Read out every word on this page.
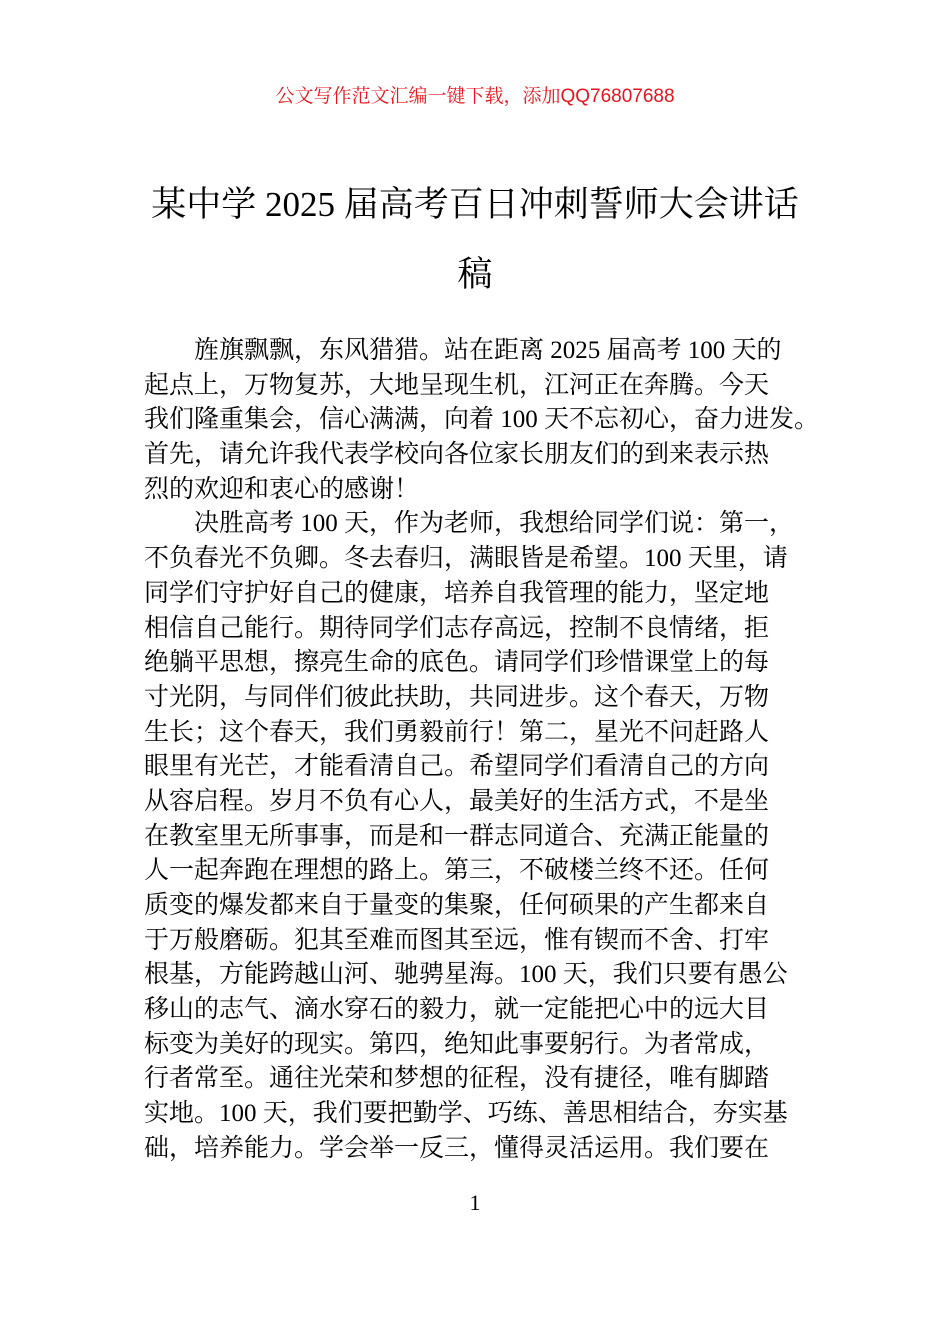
公文写作范文汇编一键下载，添加QQ76807688
某中学 2025 届高考百日冲刺誓师大会讲话
稿
旌旗飘飘，东风猎猎。站在距离 2025 届高考 100 天的
起点上，万物复苏，大地呈现生机，江河正在奔腾。今天
我们隆重集会，信心满满，向着 100 天不忘初心，奋力进发。
首先，请允许我代表学校向各位家长朋友们的到来表示热
烈的欢迎和衷心的感谢！
决胜高考 100 天，作为老师，我想给同学们说：第一，
不负春光不负卿。冬去春归，满眼皆是希望。100 天里，请
同学们守护好自己的健康，培养自我管理的能力，坚定地
相信自己能行。期待同学们志存高远，控制不良情绪，拒
绝躺平思想，擦亮生命的底色。请同学们珍惜课堂上的每
寸光阴，与同伴们彼此扶助，共同进步。这个春天，万物
生长；这个春天，我们勇毅前行！第二，星光不问赶路人
眼里有光芒，才能看清自己。希望同学们看清自己的方向
从容启程。岁月不负有心人，最美好的生活方式，不是坐
在教室里无所事事，而是和一群志同道合、充满正能量的
人一起奔跑在理想的路上。第三，不破楼兰终不还。任何
质变的爆发都来自于量变的集聚，任何硕果的产生都来自
于万般磨砺。犯其至难而图其至远，惟有锲而不舍、打牢
根基，方能跨越山河、驰骋星海。100 天，我们只要有愚公
移山的志气、滴水穿石的毅力，就一定能把心中的远大目
标变为美好的现实。第四，绝知此事要躬行。为者常成，
行者常至。通往光荣和梦想的征程，没有捷径，唯有脚踏
实地。100 天，我们要把勤学、巧练、善思相结合，夯实基
础，培养能力。学会举一反三，懂得灵活运用。我们要在
1
